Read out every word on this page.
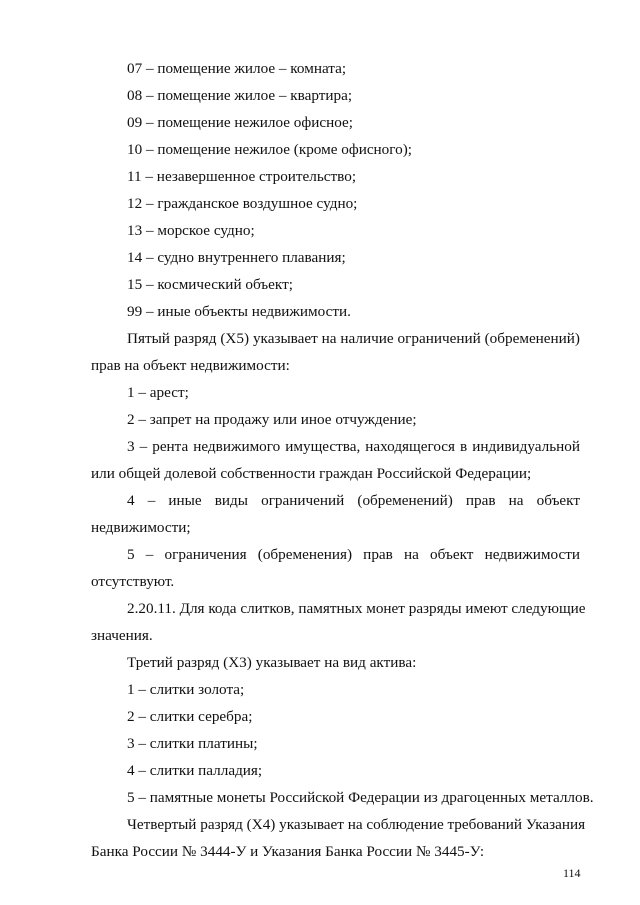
07 – помещение жилое – комната;
08 – помещение жилое – квартира;
09 – помещение нежилое офисное;
10 – помещение нежилое (кроме офисного);
11 – незавершенное строительство;
12 – гражданское воздушное судно;
13 – морское судно;
14 – судно внутреннего плавания;
15 – космический объект;
99 – иные объекты недвижимости.
Пятый разряд (Х5) указывает на наличие ограничений (обременений)
прав на объект недвижимости:
1 – арест;
2 – запрет на продажу или иное отчуждение;
3 – рента недвижимого имущества, находящегося в индивидуальной
или общей долевой собственности граждан Российской Федерации;
4 – иные виды ограничений (обременений) прав на объект
недвижимости;
5 – ограничения (обременения) прав на объект недвижимости
отсутствуют.
2.20.11. Для кода слитков, памятных монет разряды имеют следующие
значения.
Третий разряд (Х3) указывает на вид актива:
1 – слитки золота;
2 – слитки серебра;
3 – слитки платины;
4 – слитки палладия;
5 – памятные монеты Российской Федерации из драгоценных металлов.
Четвертый разряд (Х4) указывает на соблюдение требований Указания
Банка России № 3444-У и Указания Банка России № 3445-У:
114
